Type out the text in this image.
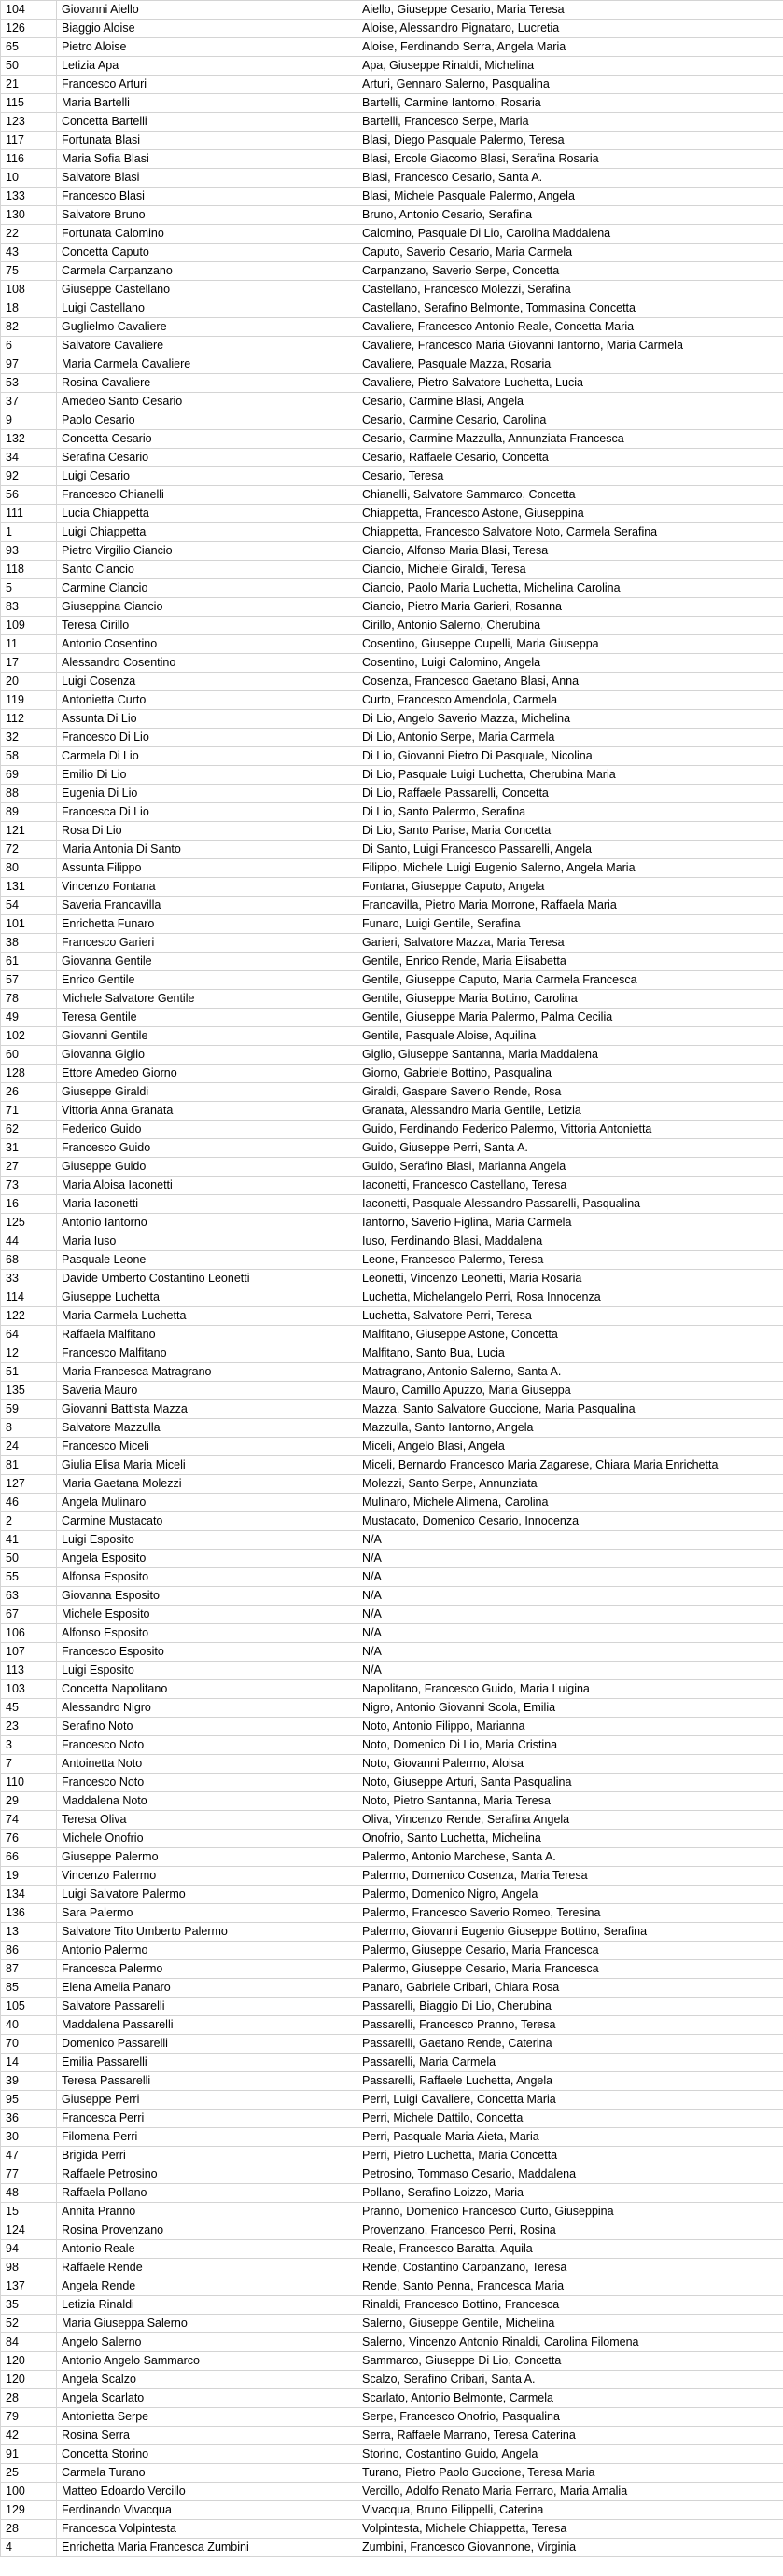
104	Giovanni Aiello	Aiello, Giuseppe Cesario, Maria Teresa
126	Biaggio Aloise	Aloise, Alessandro Pignataro, Lucretia
65	Pietro Aloise	Aloise, Ferdinando Serra, Angela Maria
50	Letizia Apa	Apa, Giuseppe Rinaldi, Michelina
21	Francesco Arturi	Arturi, Gennaro Salerno, Pasqualina
115	Maria Bartelli	Bartelli, Carmine Iantorno, Rosaria
123	Concetta Bartelli	Bartelli, Francesco Serpe, Maria
117	Fortunata Blasi	Blasi, Diego Pasquale Palermo, Teresa
116	Maria Sofia Blasi	Blasi, Ercole Giacomo Blasi, Serafina Rosaria
10	Salvatore Blasi	Blasi, Francesco Cesario, Santa A.
133	Francesco Blasi	Blasi, Michele Pasquale Palermo, Angela
130	Salvatore Bruno	Bruno, Antonio Cesario, Serafina
22	Fortunata Calomino	Calomino, Pasquale Di Lio, Carolina Maddalena
43	Concetta Caputo	Caputo, Saverio Cesario, Maria Carmela
75	Carmela Carpanzano	Carpanzano, Saverio Serpe, Concetta
108	Giuseppe Castellano	Castellano, Francesco Molezzi, Serafina
18	Luigi Castellano	Castellano, Serafino Belmonte, Tommasina Concetta
82	Guglielmo Cavaliere	Cavaliere, Francesco Antonio Reale, Concetta Maria
6	Salvatore Cavaliere	Cavaliere, Francesco Maria Giovanni Iantorno, Maria Carmela
97	Maria Carmela Cavaliere	Cavaliere, Pasquale Mazza, Rosaria
53	Rosina Cavaliere	Cavaliere, Pietro Salvatore Luchetta, Lucia
37	Amedeo Santo Cesario	Cesario, Carmine Blasi, Angela
9	Paolo Cesario	Cesario, Carmine Cesario, Carolina
132	Concetta Cesario	Cesario, Carmine Mazzulla, Annunziata Francesca
34	Serafina Cesario	Cesario, Raffaele Cesario, Concetta
92	Luigi Cesario	Cesario, Teresa
56	Francesco Chianelli	Chianelli, Salvatore Sammarco, Concetta
111	Lucia Chiappetta	Chiappetta, Francesco Astone, Giuseppina
1	Luigi Chiappetta	Chiappetta, Francesco Salvatore Noto, Carmela Serafina
93	Pietro Virgilio Ciancio	Ciancio, Alfonso Maria Blasi, Teresa
118	Santo Ciancio	Ciancio, Michele Giraldi, Teresa
5	Carmine Ciancio	Ciancio, Paolo Maria Luchetta, Michelina Carolina
83	Giuseppina Ciancio	Ciancio, Pietro Maria Garieri, Rosanna
109	Teresa Cirillo	Cirillo, Antonio Salerno, Cherubina
11	Antonio Cosentino	Cosentino, Giuseppe Cupelli, Maria Giuseppa
17	Alessandro Cosentino	Cosentino, Luigi Calomino, Angela
20	Luigi Cosenza	Cosenza, Francesco Gaetano Blasi, Anna
119	Antonietta Curto	Curto, Francesco Amendola, Carmela
112	Assunta Di Lio	Di Lio, Angelo Saverio Mazza, Michelina
32	Francesco Di Lio	Di Lio, Antonio Serpe, Maria Carmela
58	Carmela Di Lio	Di Lio, Giovanni Pietro Di Pasquale, Nicolina
69	Emilio Di Lio	Di Lio, Pasquale Luigi Luchetta, Cherubina Maria
88	Eugenia Di Lio	Di Lio, Raffaele Passarelli, Concetta
89	Francesca Di Lio	Di Lio, Santo Palermo, Serafina
121	Rosa Di Lio	Di Lio, Santo Parise, Maria Concetta
72	Maria Antonia Di Santo	Di Santo, Luigi Francesco Passarelli, Angela
80	Assunta Filippo	Filippo, Michele Luigi Eugenio Salerno, Angela Maria
131	Vincenzo Fontana	Fontana, Giuseppe Caputo, Angela
54	Saveria Francavilla	Francavilla, Pietro Maria Morrone, Raffaela Maria
101	Enrichetta Funaro	Funaro, Luigi Gentile, Serafina
38	Francesco Garieri	Garieri, Salvatore Mazza, Maria Teresa
61	Giovanna Gentile	Gentile, Enrico Rende, Maria Elisabetta
57	Enrico Gentile	Gentile, Giuseppe Caputo, Maria Carmela Francesca
78	Michele Salvatore Gentile	Gentile, Giuseppe Maria Bottino, Carolina
49	Teresa Gentile	Gentile, Giuseppe Maria Palermo, Palma Cecilia
102	Giovanni Gentile	Gentile, Pasquale Aloise, Aquilina
60	Giovanna Giglio	Giglio, Giuseppe Santanna, Maria Maddalena
128	Ettore Amedeo Giorno	Giorno, Gabriele Bottino, Pasqualina
26	Giuseppe Giraldi	Giraldi, Gaspare Saverio Rende, Rosa
71	Vittoria Anna Granata	Granata, Alessandro Maria Gentile, Letizia
62	Federico Guido	Guido, Ferdinando Federico Palermo, Vittoria Antonietta
31	Francesco Guido	Guido, Giuseppe Perri, Santa A.
27	Giuseppe Guido	Guido, Serafino Blasi, Marianna Angela
73	Maria Aloisa Iaconetti	Iaconetti, Francesco Castellano, Teresa
16	Maria Iaconetti	Iaconetti, Pasquale Alessandro Passarelli, Pasqualina
125	Antonio Iantorno	Iantorno, Saverio Figlina, Maria Carmela
44	Maria Iuso	Iuso, Ferdinando Blasi, Maddalena
68	Pasquale Leone	Leone, Francesco Palermo, Teresa
33	Davide Umberto Costantino Leonetti	Leonetti, Vincenzo Leonetti, Maria Rosaria
114	Giuseppe Luchetta	Luchetta, Michelangelo Perri, Rosa Innocenza
122	Maria Carmela Luchetta	Luchetta, Salvatore Perri, Teresa
64	Raffaela Malfitano	Malfitano, Giuseppe Astone, Concetta
12	Francesco Malfitano	Malfitano, Santo Bua, Lucia
51	Maria Francesca Matragrano	Matragrano, Antonio Salerno, Santa A.
135	Saveria Mauro	Mauro, Camillo Apuzzo, Maria Giuseppa
59	Giovanni Battista Mazza	Mazza, Santo Salvatore Guccione, Maria Pasqualina
8	Salvatore Mazzulla	Mazzulla, Santo Iantorno, Angela
24	Francesco Miceli	Miceli, Angelo Blasi, Angela
81	Giulia Elisa Maria Miceli	Miceli, Bernardo Francesco Maria Zagarese, Chiara Maria Enrichetta
127	Maria Gaetana Molezzi	Molezzi, Santo Serpe, Annunziata
46	Angela Mulinaro	Mulinaro, Michele Alimena, Carolina
2	Carmine Mustacato	Mustacato, Domenico Cesario, Innocenza
41	Luigi Esposito	N/A
50	Angela Esposito	N/A
55	Alfonsa Esposito	N/A
63	Giovanna Esposito	N/A
67	Michele Esposito	N/A
106	Alfonso Esposito	N/A
107	Francesco Esposito	N/A
113	Luigi Esposito	N/A
103	Concetta Napolitano	Napolitano, Francesco Guido, Maria Luigina
45	Alessandro Nigro	Nigro, Antonio Giovanni Scola, Emilia
23	Serafino Noto	Noto, Antonio Filippo, Marianna
3	Francesco Noto	Noto, Domenico Di Lio, Maria Cristina
7	Antoinetta Noto	Noto, Giovanni Palermo, Aloisa
110	Francesco Noto	Noto, Giuseppe Arturi, Santa Pasqualina
29	Maddalena Noto	Noto, Pietro Santanna, Maria Teresa
74	Teresa Oliva	Oliva, Vincenzo Rende, Serafina Angela
76	Michele Onofrio	Onofrio, Santo Luchetta, Michelina
66	Giuseppe Palermo	Palermo, Antonio Marchese, Santa A.
19	Vincenzo Palermo	Palermo, Domenico Cosenza, Maria Teresa
134	Luigi Salvatore Palermo	Palermo, Domenico Nigro, Angela
136	Sara Palermo	Palermo, Francesco Saverio Romeo, Teresina
13	Salvatore Tito Umberto Palermo	Palermo, Giovanni Eugenio Giuseppe Bottino, Serafina
86	Antonio Palermo	Palermo, Giuseppe Cesario, Maria Francesca
87	Francesca Palermo	Palermo, Giuseppe Cesario, Maria Francesca
85	Elena Amelia Panaro	Panaro, Gabriele Cribari, Chiara Rosa
105	Salvatore Passarelli	Passarelli, Biaggio Di Lio, Cherubina
40	Maddalena Passarelli	Passarelli, Francesco Pranno, Teresa
70	Domenico Passarelli	Passarelli, Gaetano Rende, Caterina
14	Emilia Passarelli	Passarelli, Maria Carmela
39	Teresa Passarelli	Passarelli, Raffaele Luchetta, Angela
95	Giuseppe Perri	Perri, Luigi Cavaliere, Concetta Maria
36	Francesca Perri	Perri, Michele Dattilo, Concetta
30	Filomena Perri	Perri, Pasquale Maria Aieta, Maria
47	Brigida Perri	Perri, Pietro Luchetta, Maria Concetta
77	Raffaele Petrosino	Petrosino, Tommaso Cesario, Maddalena
48	Raffaela Pollano	Pollano, Serafino Loizzo, Maria
15	Annita Pranno	Pranno, Domenico Francesco Curto, Giuseppina
124	Rosina Provenzano	Provenzano, Francesco Perri, Rosina
94	Antonio Reale	Reale, Francesco Baratta, Aquila
98	Raffaele Rende	Rende, Costantino Carpanzano, Teresa
137	Angela Rende	Rende, Santo Penna, Francesca Maria
35	Letizia Rinaldi	Rinaldi, Francesco Bottino, Francesca
52	Maria Giuseppa Salerno	Salerno, Giuseppe Gentile, Michelina
84	Angelo Salerno	Salerno, Vincenzo Antonio Rinaldi, Carolina Filomena
120	Antonio Angelo Sammarco	Sammarco, Giuseppe Di Lio, Concetta
120	Angela Scalzo	Scalzo, Serafino Cribari, Santa A.
28	Angela Scarlato	Scarlato, Antonio Belmonte, Carmela
79	Antonietta Serpe	Serpe, Francesco Onofrio, Pasqualina
42	Rosina Serra	Serra, Raffaele Marrano, Teresa Caterina
91	Concetta Storino	Storino, Costantino Guido, Angela
25	Carmela Turano	Turano, Pietro Paolo Guccione, Teresa Maria
100	Matteo Edoardo Vercillo	Vercillo, Adolfo Renato Maria Ferraro, Maria Amalia
129	Ferdinando Vivacqua	Vivacqua, Bruno Filippelli, Caterina
28	Francesca Volpintesta	Volpintesta, Michele Chiappetta, Teresa
4	Enrichetta Maria Francesca Zumbini	Zumbini, Francesco Giovannone, Virginia
